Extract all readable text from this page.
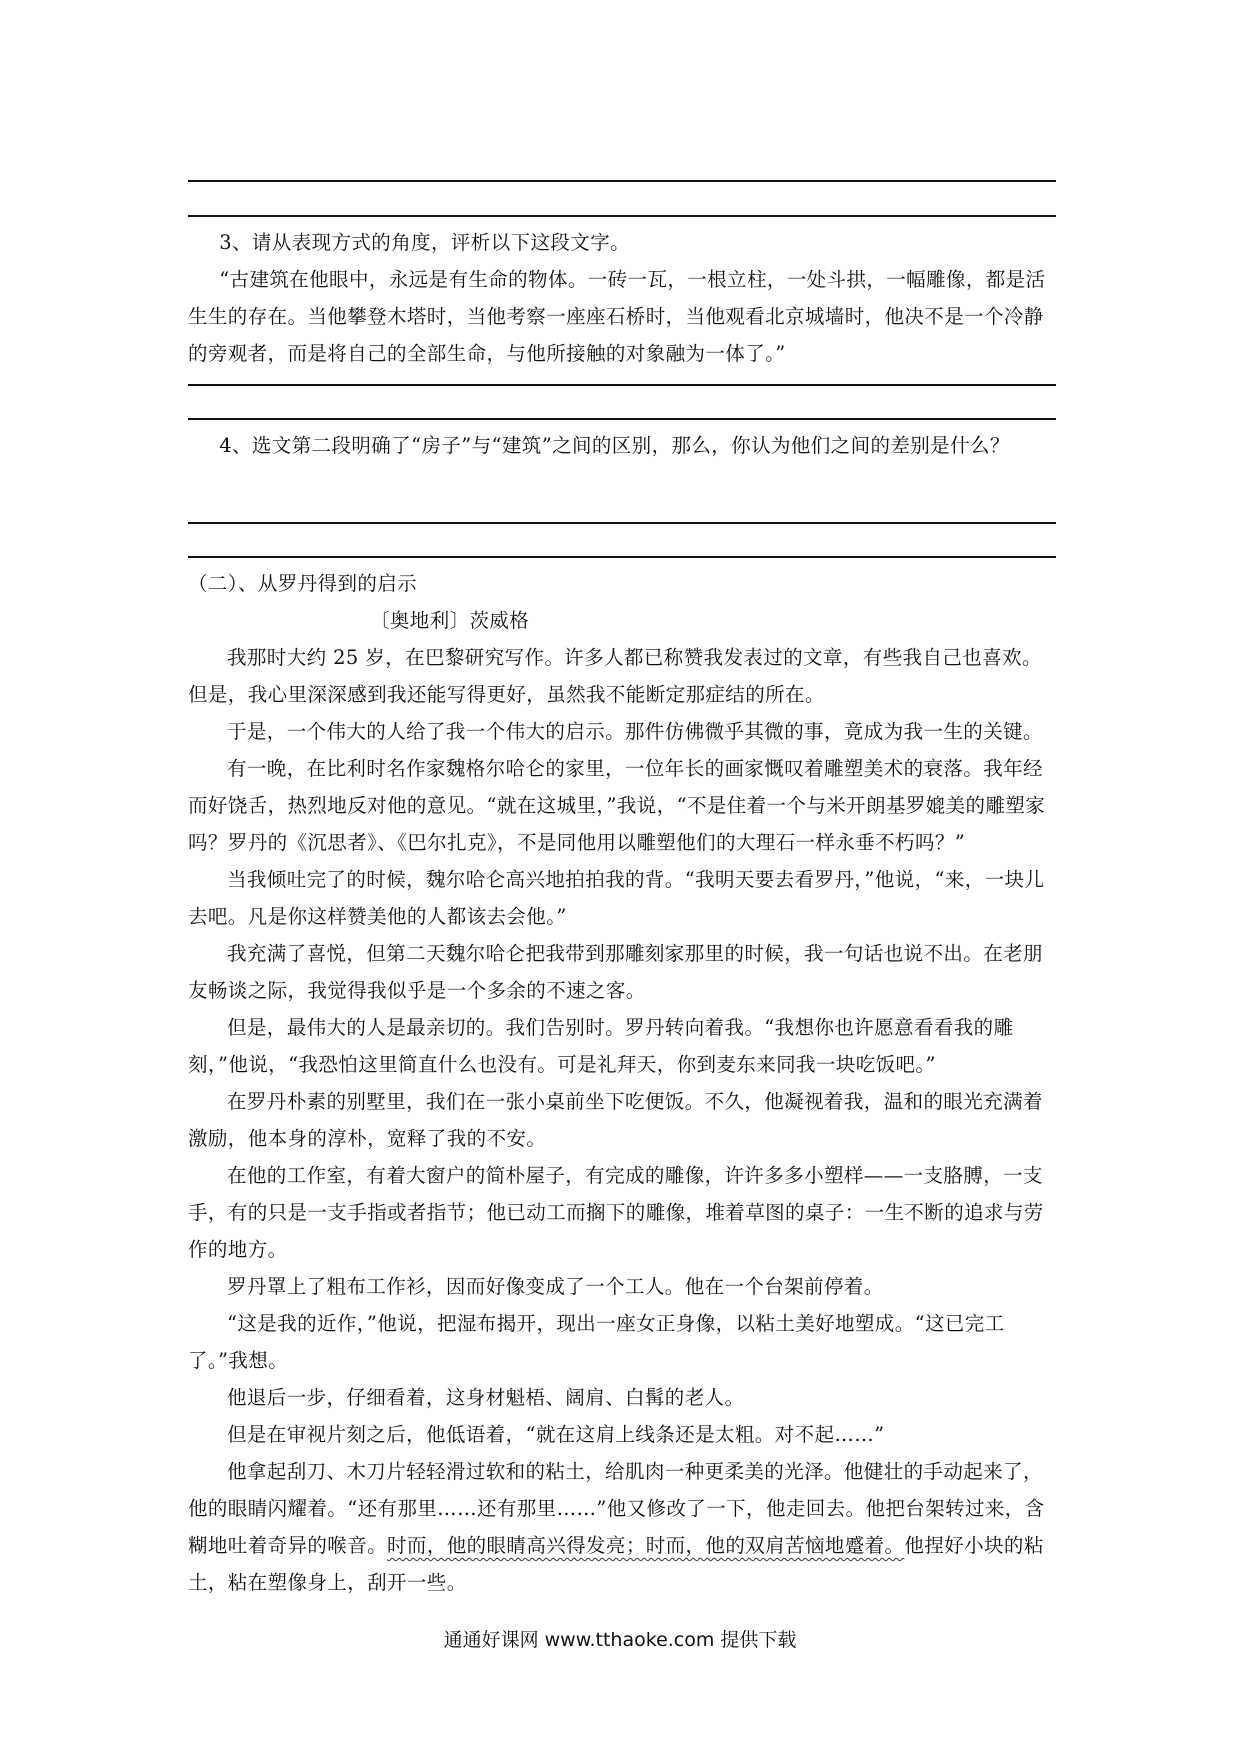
3、请从表现方式的角度，评析以下这段文字。

“古建筑在他眼中，永远是有生命的物体。一砖一瓦，一根立柱，一处斗拱，一幅雕像，都是活生生的存在。当他攀登木塔时，当他考察一座座石桥时，当他观看北京城墙时，他决不是一个冷静的旁观者，而是将自己的全部生命，与他所接触的对象融为一体了。”

4、选文第二段明确了“房子”与“建筑”之间的区别，那么，你认为他们之间的差别是什么？

（二）、从罗丹得到的启示

〔奥地利〕茨威格

我那时大约 25 岁，在巴黎研究写作。许多人都已称赞我发表过的文章，有些我自己也喜欢。但是，我心里深深感到我还能写得更好，虽然我不能断定那症结的所在。

于是，一个伟大的人给了我一个伟大的启示。那件仿佛微乎其微的事，竟成为我一生的关键。

有一晚，在比利时名作家魏格尔哈仑的家里，一位年长的画家慨叹着雕塑美术的衰落。我年经而好饶舌，热烈地反对他的意见。“就在这城里，”我说，“不是住着一个与米开朗基罗媲美的雕塑家吗？罗丹的《沉思者》、《巴尔扎克》，不是同他用以雕塑他们的大理石一样永垂不朽吗？”

当我倾吐完了的时候，魏尔哈仑高兴地拍拍我的背。“我明天要去看罗丹，”他说，“来，一块儿去吧。凡是你这样赞美他的人都该去会他。”

我充满了喜悦，但第二天魏尔哈仑把我带到那雕刻家那里的时候，我一句话也说不出。在老朋友畅谈之际，我觉得我似乎是一个多余的不速之客。

但是，最伟大的人是最亲切的。我们告别时。罗丹转向着我。“我想你也许愿意看看我的雕刻，”他说，“我恐怕这里简直什么也没有。可是礼拜天，你到麦东来同我一块吃饭吧。”

在罗丹朴素的别墅里，我们在一张小桌前坐下吃便饭。不久，他凝视着我，温和的眼光充满着激励，他本身的淳朴，宽释了我的不安。

在他的工作室，有着大窗户的简朴屋子，有完成的雕像，许许多多小塑样——一支胳膊，一支手，有的只是一支手指或者指节；他已动工而搁下的雕像，堆着草图的桌子：一生不断的追求与劳作的地方。

罗丹罩上了粗布工作衫，因而好像变成了一个工人。他在一个台架前停着。

“这是我的近作，”他说，把湿布揭开，现出一座女正身像，以粘土美好地塑成。“这已完工了。”我想。

他退后一步，仔细看着，这身材魁梧、阔肩、白髯的老人。

但是在审视片刻之后，他低语着，“就在这肩上线条还是太粗。对不起……”

他拿起刮刀、木刀片轻轻滑过软和的粘土，给肌肉一种更柔美的光泽。他健壮的手动起来了，他的眼睛闪耀着。“还有那里……还有那里……”他又修改了一下，他走回去。他把台架转过来，含糊地吐着奇异的喉音。时而，他的眼睛高兴得发亮；时而，他的双肩苦恼地蹙着。他捏好小块的粘土，粘在塑像身上，刮开一些。

通通好课网 www.tthaoke.com 提供下载
